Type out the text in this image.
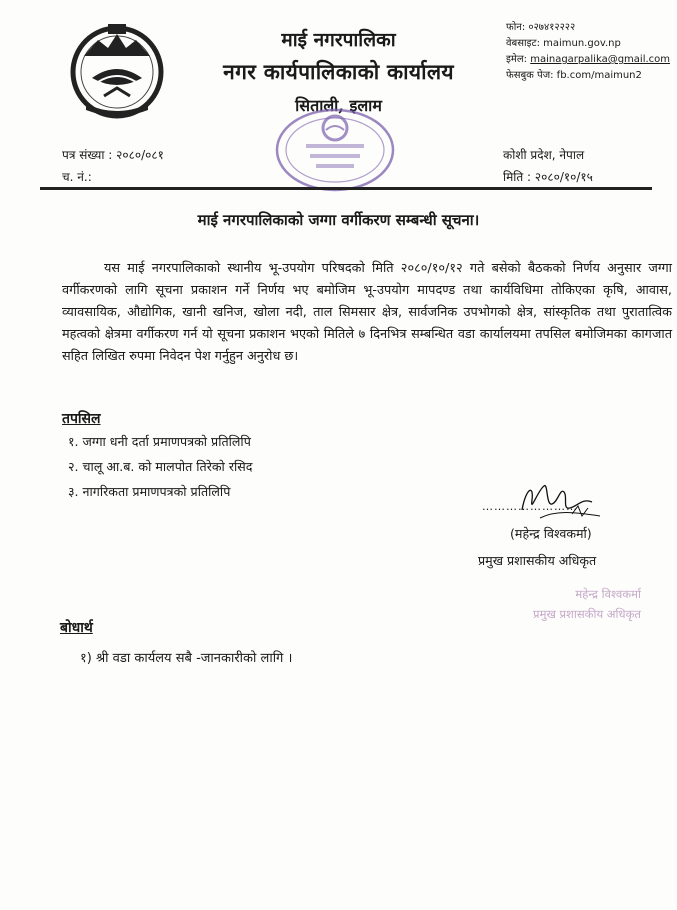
माई नगरपालिका
नगर कार्यपालिकाको कार्यालय
सिताली, इलाम
फोन: ०२७४१२२२२
वेबसाइट: maimun.gov.np
इमेल: mainagarpalika@gmail.com
फेसबुक पेज: fb.com/maimun2
पत्र संख्या : २०८०/०८१
च. नं.:
कोशी प्रदेश, नेपाल
मिति : २०८०/१०/१५
माई नगरपालिकाको जग्गा वर्गीकरण सम्बन्धी सूचना।
यस माई नगरपालिकाको स्थानीय भू-उपयोग परिषदको मिति २०८०/१०/१२ गते बसेको बैठकको निर्णय अनुसार जग्गा वर्गीकरणको लागि सूचना प्रकाशन गर्ने निर्णय भए बमोजिम भू-उपयोग मापदण्ड तथा कार्यविधिमा तोकिएका कृषि, आवास, व्यावसायिक, औद्योगिक, खानी खनिज, खोला नदी, ताल सिमसार क्षेत्र, सार्वजनिक उपभोगको क्षेत्र, सांस्कृतिक तथा पुरातात्विक महत्वको क्षेत्रमा वर्गीकरण गर्न यो सूचना प्रकाशन भएको मितिले ७ दिनभित्र सम्बन्धित वडा कार्यालयमा तपसिल बमोजिमका कागजात सहित लिखित रुपमा निवेदन पेश गर्नुहुन अनुरोध छ।
तपसिल
१. जग्गा धनी दर्ता प्रमाणपत्रको प्रतिलिपि
२. चालू आ.ब. को मालपोत तिरेको रसिद
३. नागरिकता प्रमाणपत्रको प्रतिलिपि
……………………
(महेन्द्र विश्वकर्मा)
प्रमुख प्रशासकीय अधिकृत
महेन्द्र विश्वकर्मा
प्रमुख प्रशासकीय अधिकृत
बोधार्थ
१) श्री वडा कार्यलय सबै -जानकारीको लागि ।
